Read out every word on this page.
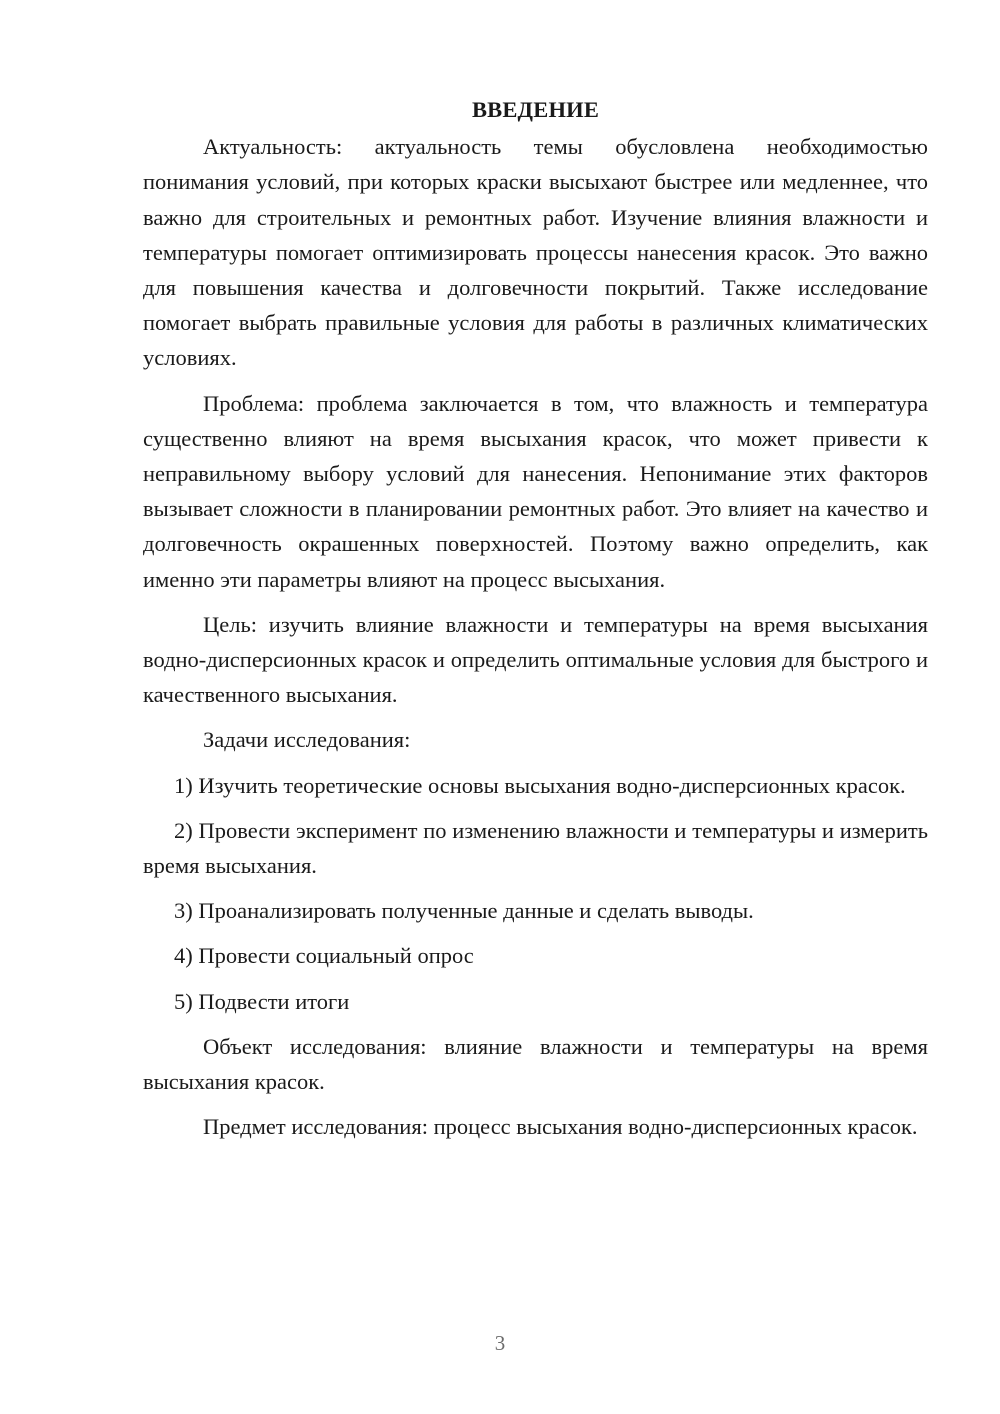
ВВЕДЕНИЕ

Актуальность: актуальность темы обусловлена необходимостью понимания условий, при которых краски высыхают быстрее или медленнее, что важно для строительных и ремонтных работ. Изучение влияния влажности и температуры помогает оптимизировать процессы нанесения красок. Это важно для повышения качества и долговечности покрытий. Также исследование помогает выбрать правильные условия для работы в различных климатических условиях.

Проблема: проблема заключается в том, что влажность и температура существенно влияют на время высыхания красок, что может привести к неправильному выбору условий для нанесения. Непонимание этих факторов вызывает сложности в планировании ремонтных работ. Это влияет на качество и долговечность окрашенных поверхностей. Поэтому важно определить, как именно эти параметры влияют на процесс высыхания.

Цель: изучить влияние влажности и температуры на время высыхания водно-дисперсионных красок и определить оптимальные условия для быстрого и качественного высыхания.

Задачи исследования:

1) Изучить теоретические основы высыхания водно-дисперсионных красок.

2) Провести эксперимент по изменению влажности и температуры и измерить время высыхания.

3) Проанализировать полученные данные и сделать выводы.

4) Провести социальный опрос

5) Подвести итоги

Объект исследования: влияние влажности и температуры на время высыхания красок.

Предмет исследования: процесс высыхания водно-дисперсионных красок.

3
